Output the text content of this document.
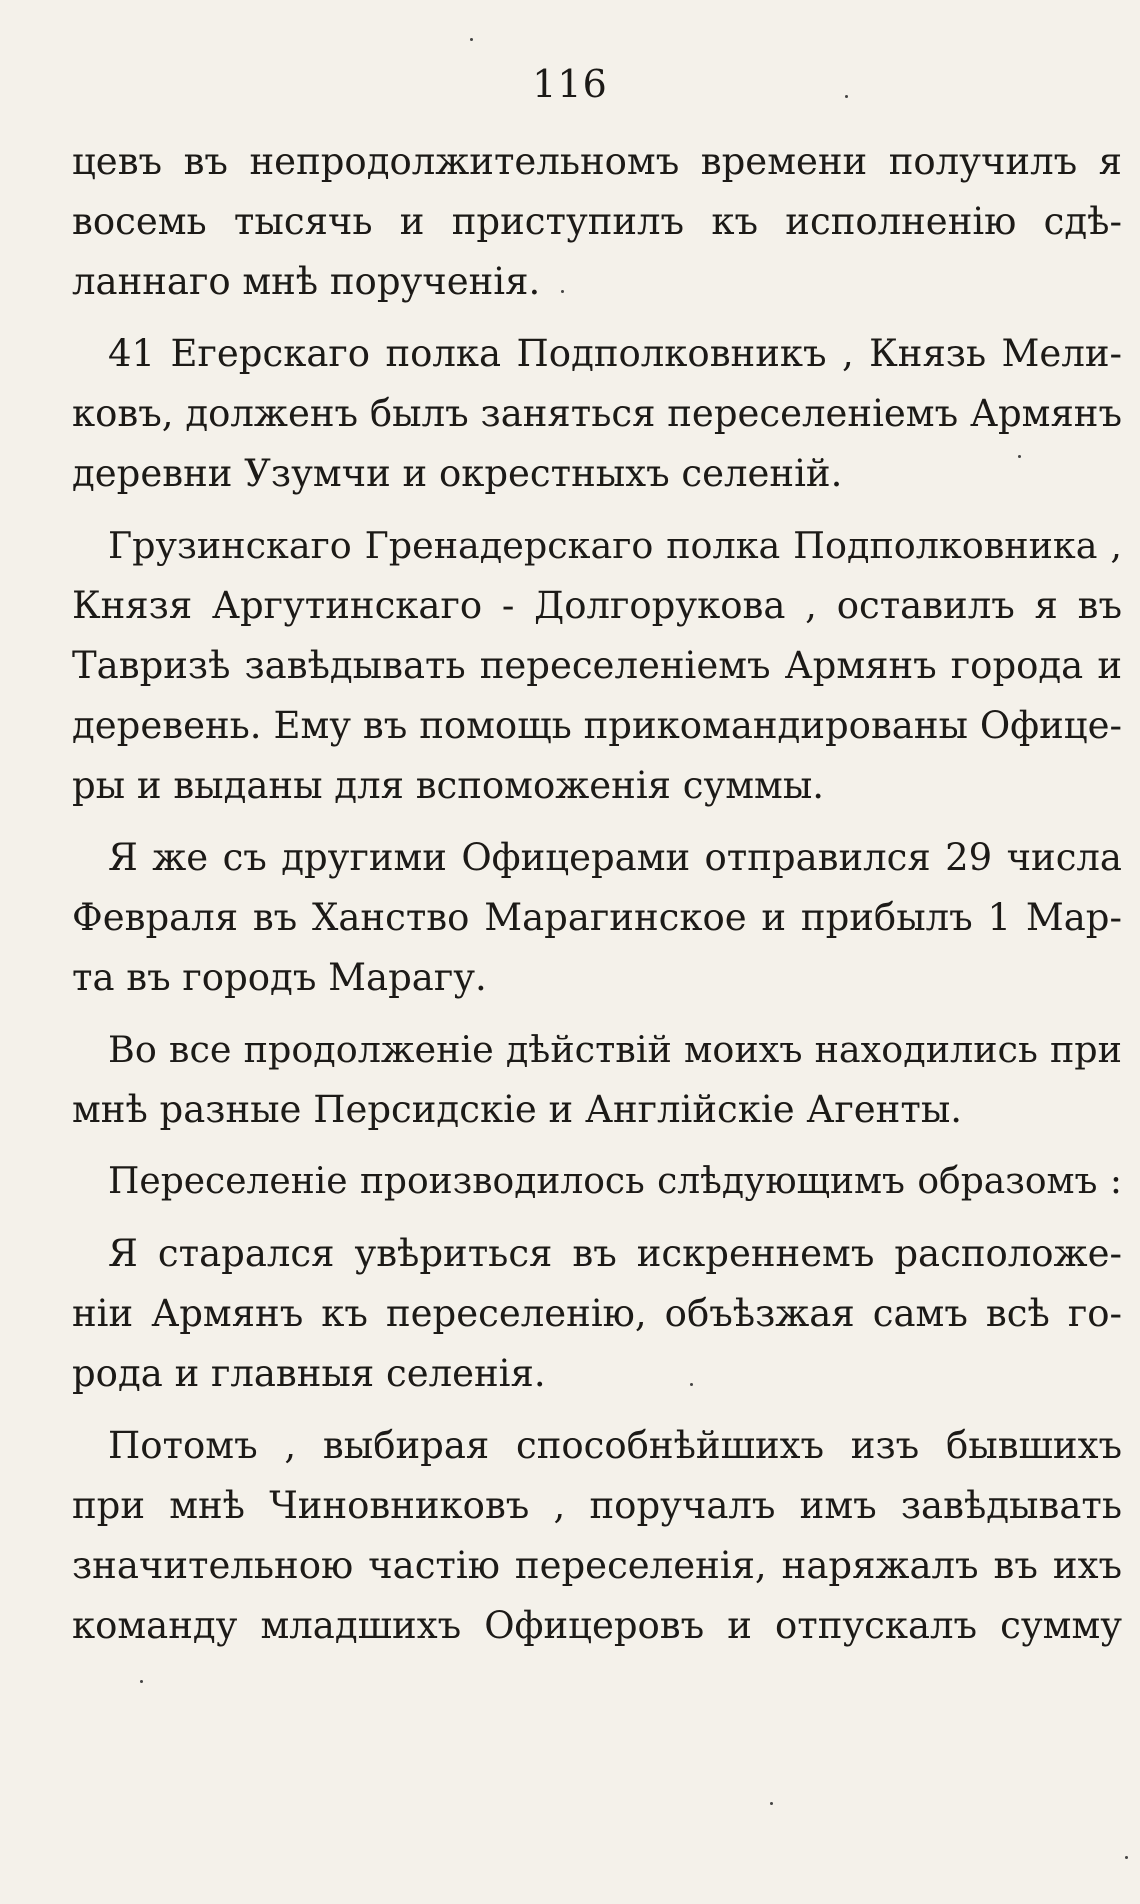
116
цевъ въ непродолжительномъ времени получилъ я
восемь тысячь и приступилъ къ исполненію сдѣ-
ланнаго мнѣ порученія.
41 Егерскаго полка Подполковникъ , Князь Мели-
ковъ, долженъ былъ заняться переселеніемъ Армянъ
деревни Узумчи и окрестныхъ селеній.
Грузинскаго Гренадерскаго полка Подполковника ,
Князя Аргутинскаго - Долгорукова , оставилъ я въ
Тавризѣ завѣдывать переселеніемъ Армянъ города и
деревень. Ему въ помощь прикомандированы Офице-
ры и выданы для вспоможенія суммы.
Я же съ другими Офицерами отправился 29 числа
Февраля въ Ханство Марагинское и прибылъ 1 Мар-
та въ городъ Марагу.
Во все продолженіе дѣйствій моихъ находились при
мнѣ разные Персидскіе и Англійскіе Агенты.
Переселеніе производилось слѣдующимъ образомъ :
Я старался увѣриться въ искреннемъ расположе-
ніи Армянъ къ переселенію, объѣзжая самъ всѣ го-
рода и главныя селенія.
Потомъ , выбирая способнѣйшихъ изъ бывшихъ
при мнѣ Чиновниковъ , поручалъ имъ завѣдывать
значительною частію переселенія, наряжалъ въ ихъ
команду младшихъ Офицеровъ и отпускалъ сумму
